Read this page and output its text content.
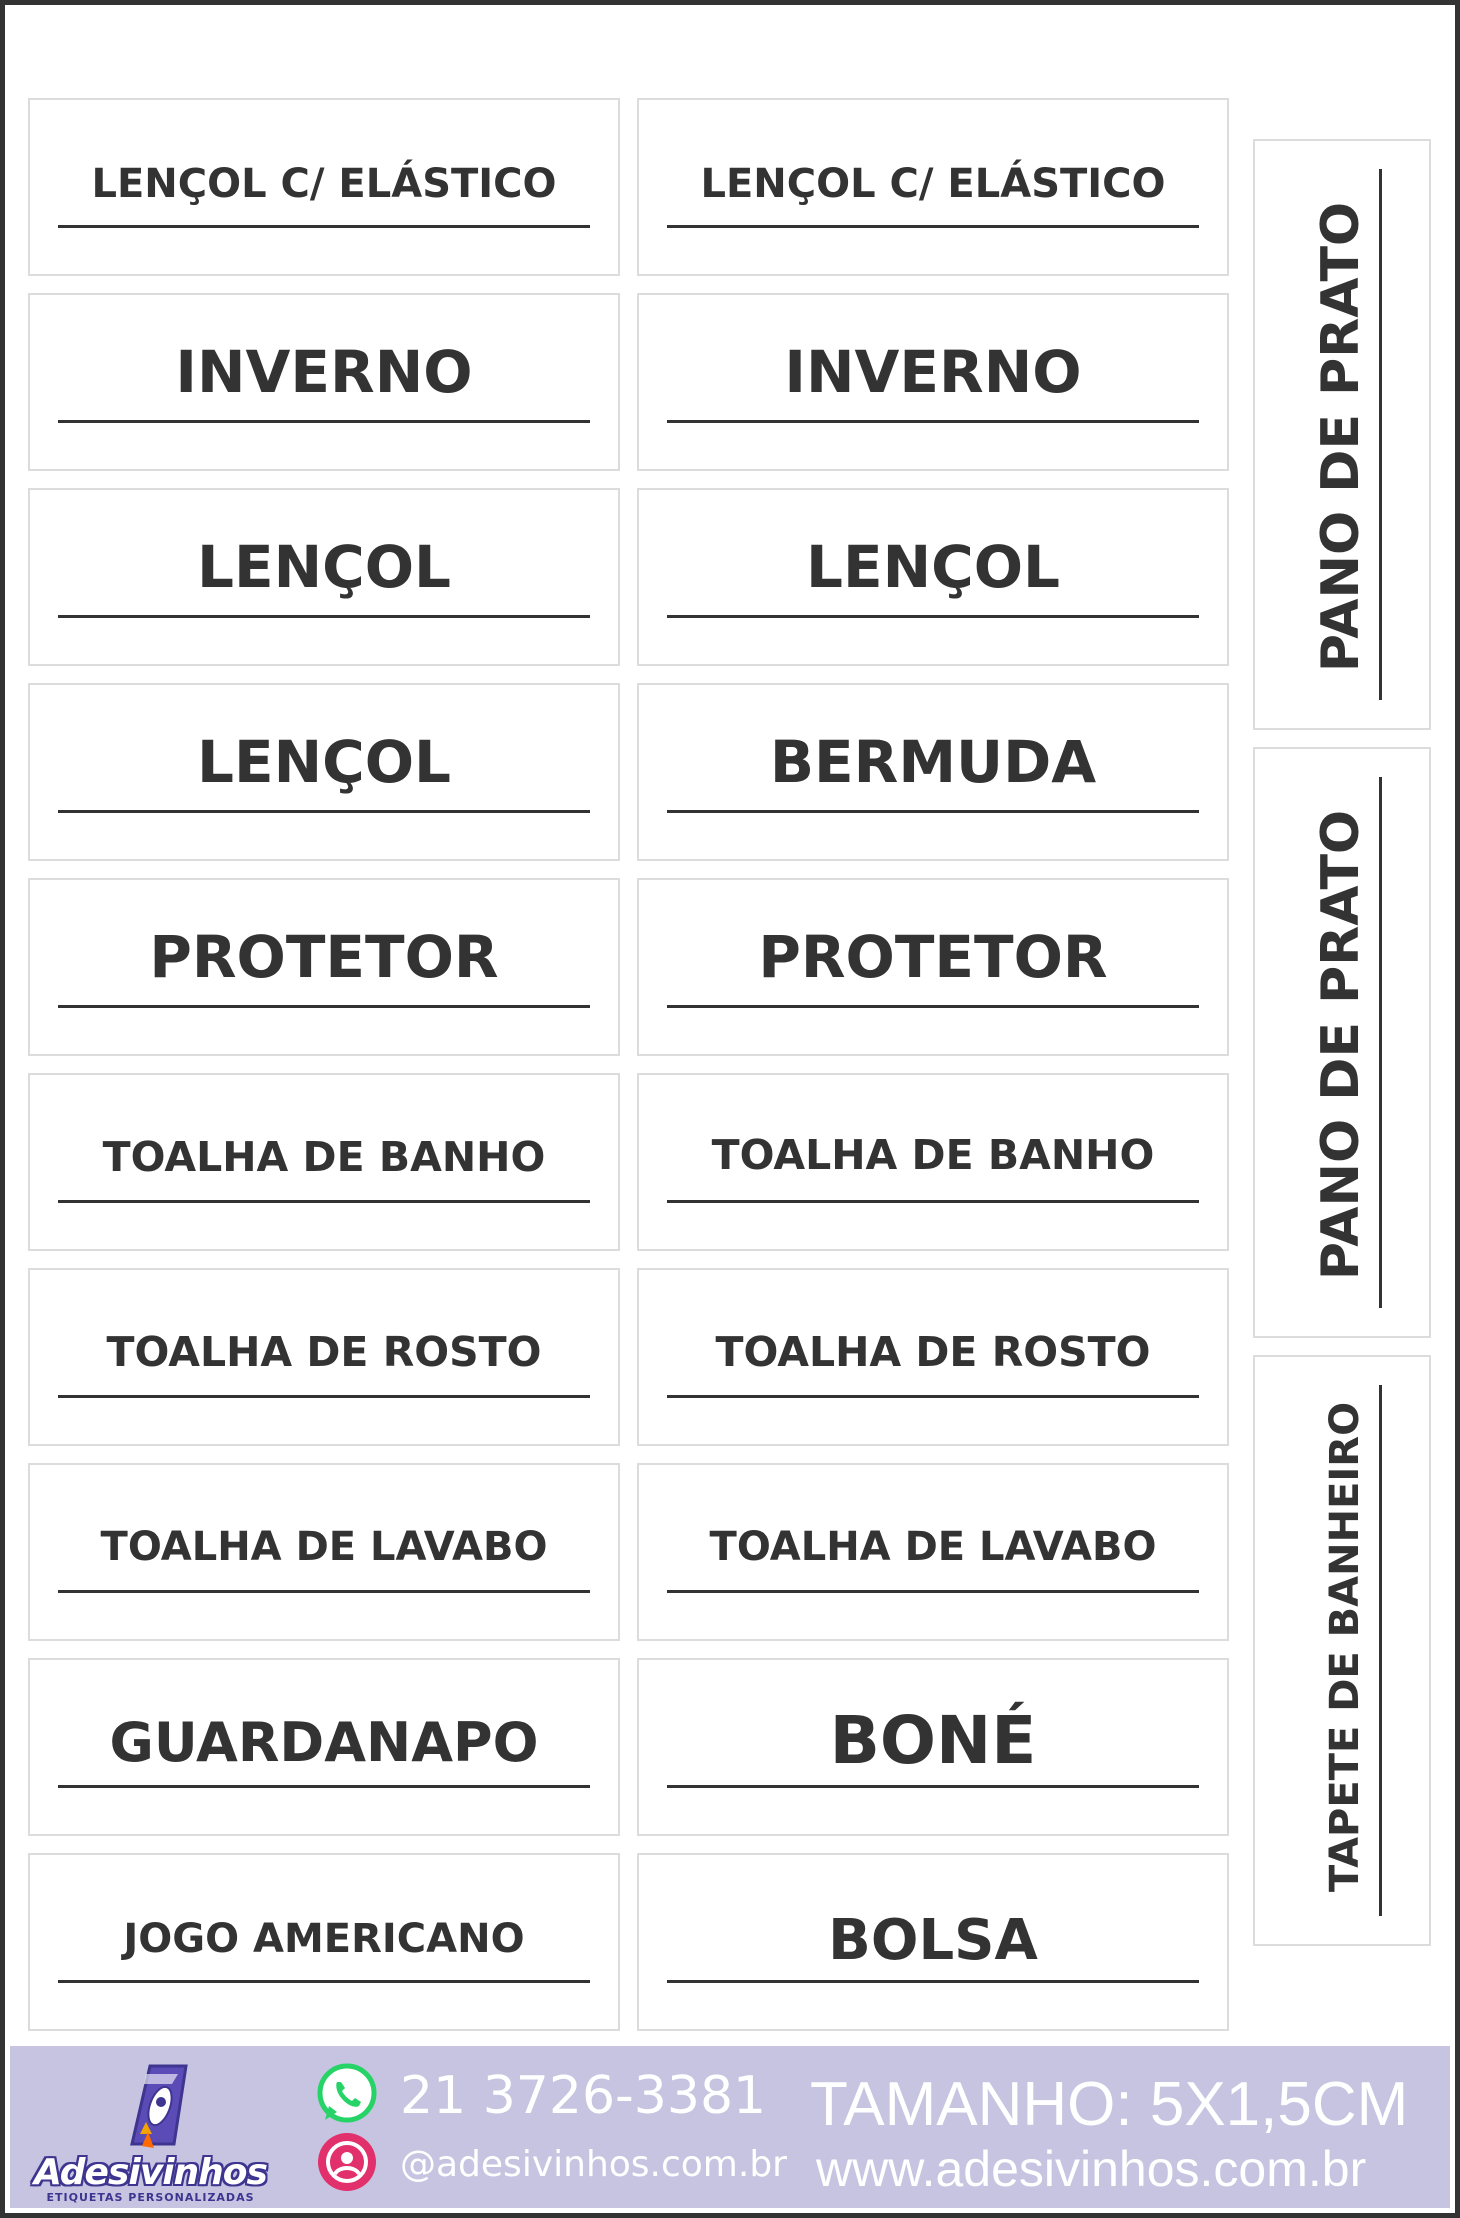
LENÇOL C/ ELÁSTICO
INVERNO
LENÇOL
LENÇOL
PROTETOR
TOALHA DE BANHO
TOALHA DE ROSTO
TOALHA DE LAVABO
GUARDANAPO
JOGO AMERICANO
LENÇOL C/ ELÁSTICO
INVERNO
LENÇOL
BERMUDA
PROTETOR
TOALHA DE BANHO
TOALHA DE ROSTO
TOALHA DE LAVABO
BONÉ
BOLSA
PANO DE PRATO
PANO DE PRATO
TAPETE DE BANHEIRO
Adesivinhos
ETIQUETAS PERSONALIZADAS
21 3726-3381
@adesivinhos.com.br
TAMANHO: 5X1,5CM
www.adesivinhos.com.br
